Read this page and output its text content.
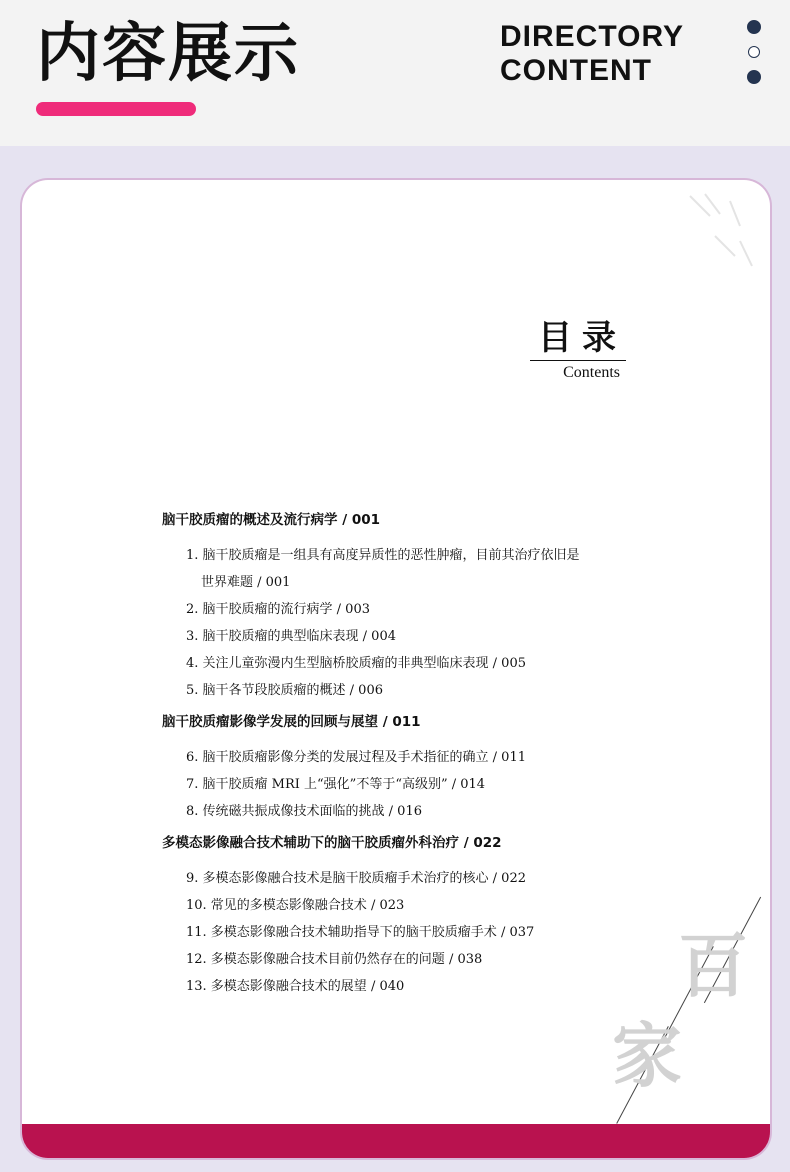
内容展示	DIRECTORY
CONTENT
目录
Contents
脑干胶质瘤的概述及流行病学 / 001
1. 脑干胶质瘤是一组具有高度异质性的恶性肿瘤，目前其治疗依旧是
世界难题 / 001
2. 脑干胶质瘤的流行病学 / 003
3. 脑干胶质瘤的典型临床表现 / 004
4. 关注儿童弥漫内生型脑桥胶质瘤的非典型临床表现 / 005
5. 脑干各节段胶质瘤的概述 / 006
脑干胶质瘤影像学发展的回顾与展望 / 011
6. 脑干胶质瘤影像分类的发展过程及手术指征的确立 / 011
7. 脑干胶质瘤 MRI 上“强化”不等于“高级别” / 014
8. 传统磁共振成像技术面临的挑战 / 016
多模态影像融合技术辅助下的脑干胶质瘤外科治疗 / 022
9. 多模态影像融合技术是脑干胶质瘤手术治疗的核心 / 022
10. 常见的多模态影像融合技术 / 023
11. 多模态影像融合技术辅助指导下的脑干胶质瘤手术 / 037
12. 多模态影像融合技术目前仍然存在的问题 / 038
13. 多模态影像融合技术的展望 / 040	百
家
